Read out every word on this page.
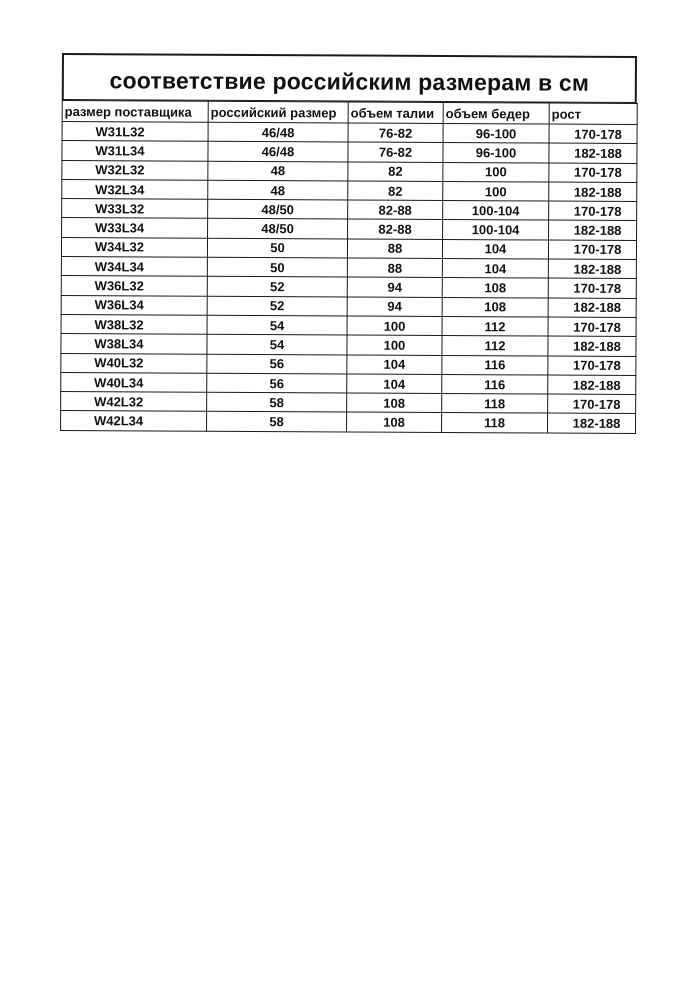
соответствие российским размерам в см
размер поставщика	российский размер	объем талии	объем бедер	рост
W31L32	46/48	76-82	96-100	170-178
W31L34	46/48	76-82	96-100	182-188
W32L32	48	82	100	170-178
W32L34	48	82	100	182-188
W33L32	48/50	82-88	100-104	170-178
W33L34	48/50	82-88	100-104	182-188
W34L32	50	88	104	170-178
W34L34	50	88	104	182-188
W36L32	52	94	108	170-178
W36L34	52	94	108	182-188
W38L32	54	100	112	170-178
W38L34	54	100	112	182-188
W40L32	56	104	116	170-178
W40L34	56	104	116	182-188
W42L32	58	108	118	170-178
W42L34	58	108	118	182-188
